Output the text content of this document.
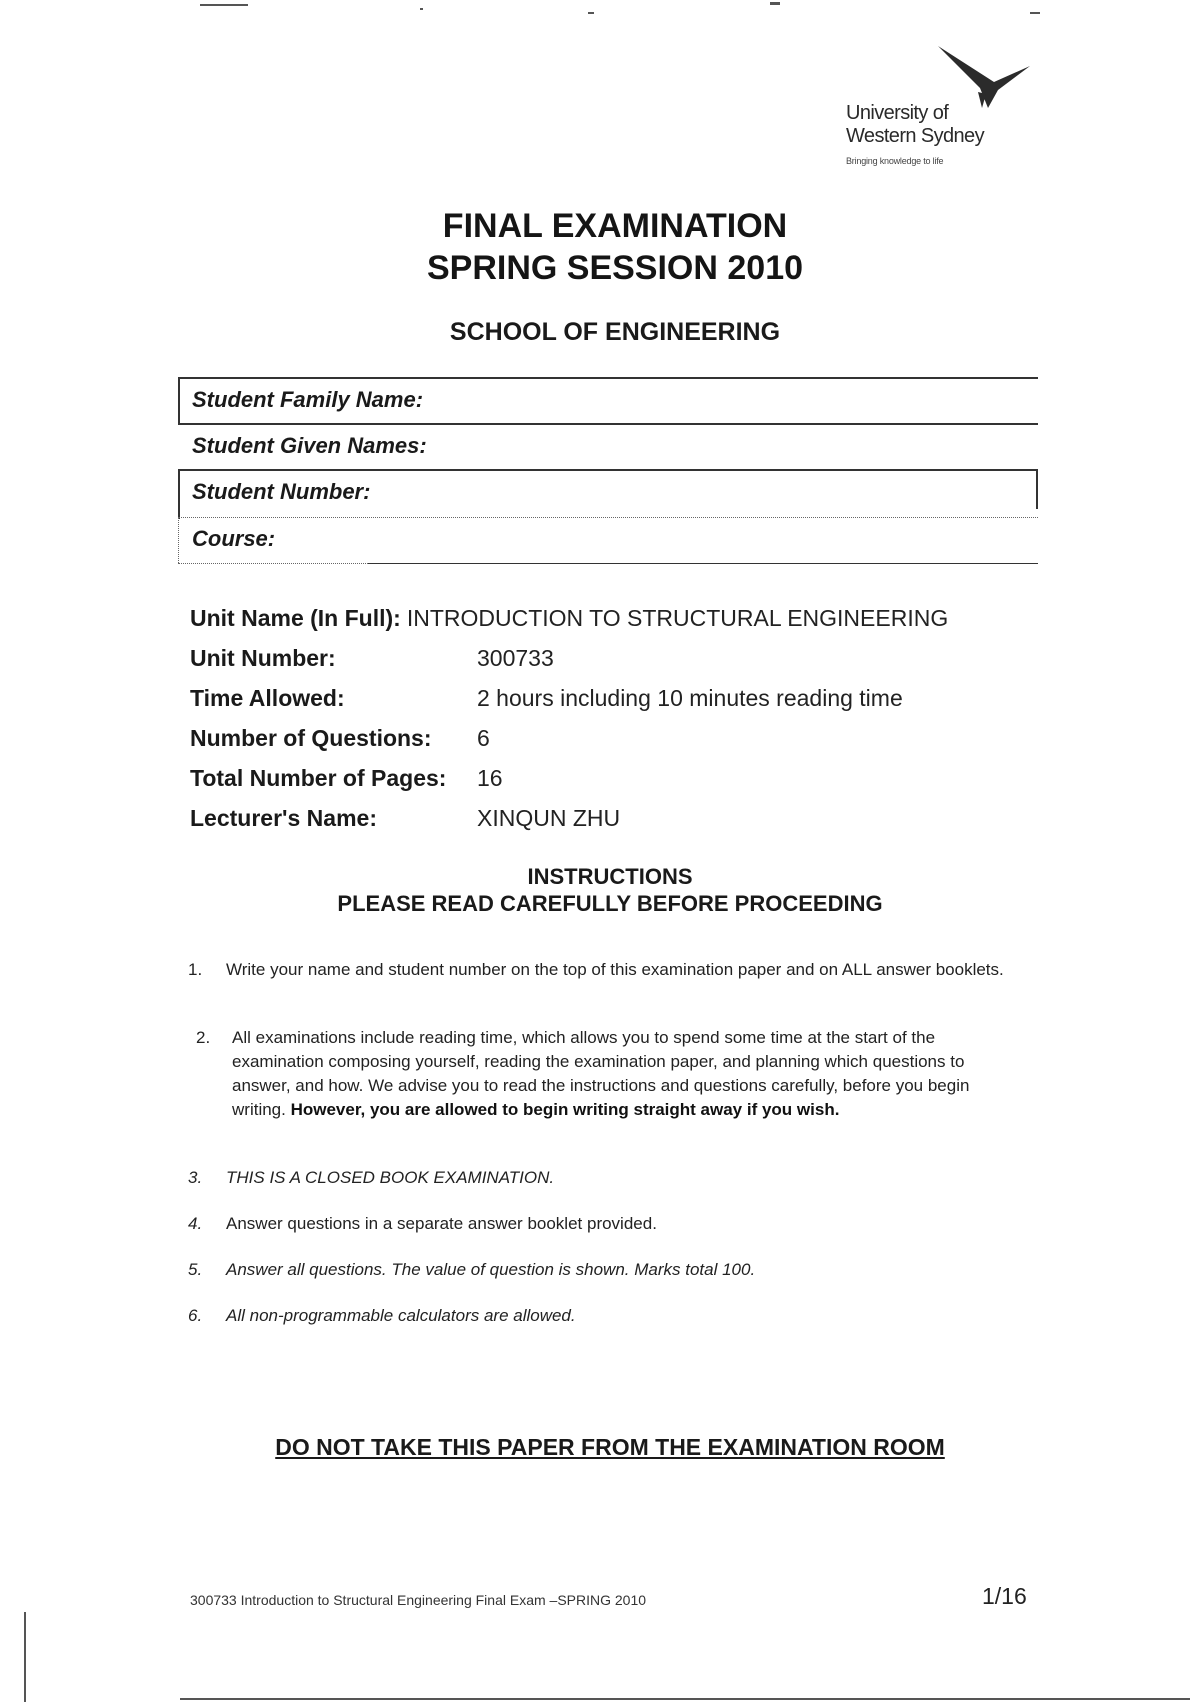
University of
Western Sydney
Bringing knowledge to life
FINAL EXAMINATION
SPRING SESSION 2010
SCHOOL OF ENGINEERING
Student Family Name:
Student Given Names:
Student Number:
Course:
Unit Name (In Full): INTRODUCTION TO STRUCTURAL ENGINEERING
Unit Number:	300733
Time Allowed:	2 hours including 10 minutes reading time
Number of Questions: 6
Total Number of Pages: 16
Lecturer's Name:	XINQUN ZHU
INSTRUCTIONS
PLEASE READ CAREFULLY BEFORE PROCEEDING
1. Write your name and student number on the top of this examination paper and on ALL answer booklets.
2. All examinations include reading time, which allows you to spend some time at the start of the examination composing yourself, reading the examination paper, and planning which questions to answer, and how. We advise you to read the instructions and questions carefully, before you begin writing. However, you are allowed to begin writing straight away if you wish.
3. THIS IS A CLOSED BOOK EXAMINATION.
4. Answer questions in a separate answer booklet provided.
5. Answer all questions. The value of question is shown. Marks total 100.
6. All non-programmable calculators are allowed.
DO NOT TAKE THIS PAPER FROM THE EXAMINATION ROOM
300733 Introduction to Structural Engineering Final Exam –SPRING 2010	1/16
